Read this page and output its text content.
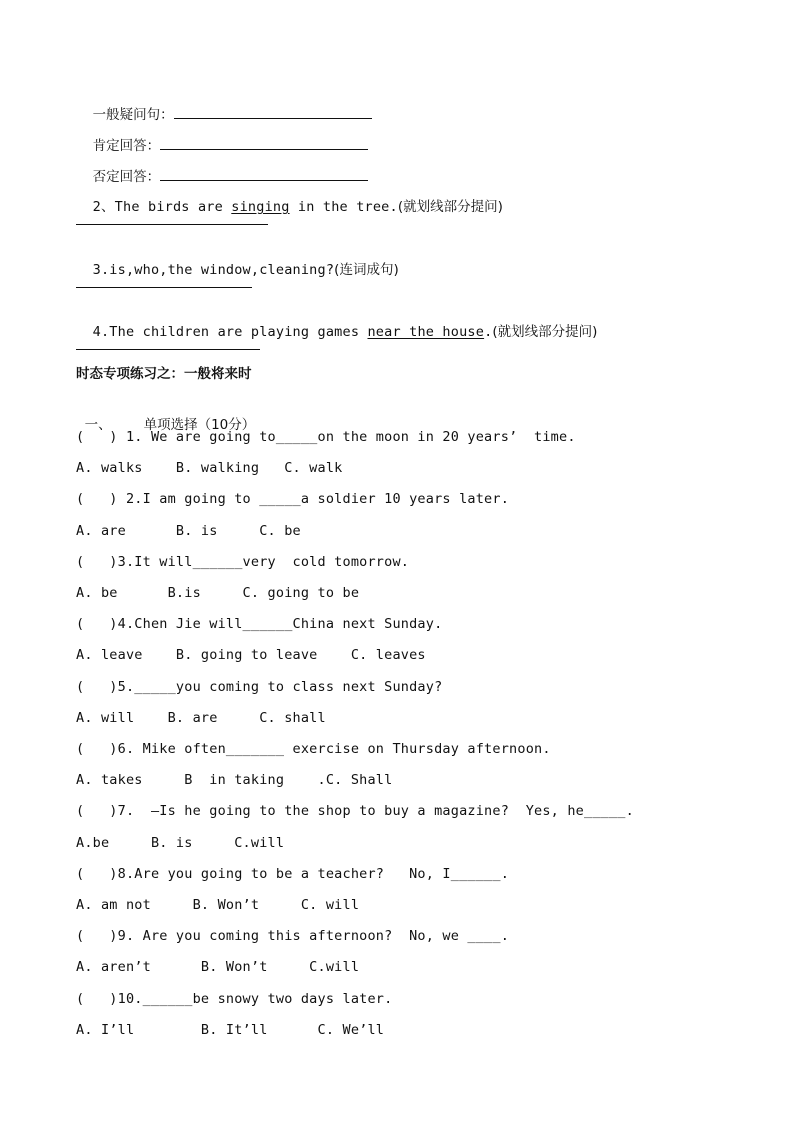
一般疑问句：

肯定回答：

否定回答：

2、The birds are singing in the tree.(就划线部分提问)

3.is,who,the window,cleaning?(连词成句)

4.The children are playing games near the house.(就划线部分提问)

时态专项练习之：一般将来时

一、 单项选择（10分）

(   ) 1. We are going to_____on the moon in 20 years’  time.
A. walks    B. walking   C. walk
(   ) 2.I am going to _____a soldier 10 years later.
A. are      B. is     C. be
(   )3.It will______very  cold tomorrow.
A. be      B.is     C. going to be
(   )4.Chen Jie will______China next Sunday.
A. leave    B. going to leave    C. leaves
(   )5._____you coming to class next Sunday?
A. will    B. are     C. shall
(   )6. Mike often_______ exercise on Thursday afternoon.
A. takes     B  in taking    .C. Shall
(   )7.  –Is he going to the shop to buy a magazine?  Yes, he_____.
A.be     B. is     C.will
(   )8.Are you going to be a teacher?   No, I______.
A. am not     B. Won’t     C. will
(   )9. Are you coming this afternoon?  No, we ____.
A. aren’t      B. Won’t     C.will
(   )10.______be snowy two days later.
A. I’ll        B. It’ll      C. We’ll
